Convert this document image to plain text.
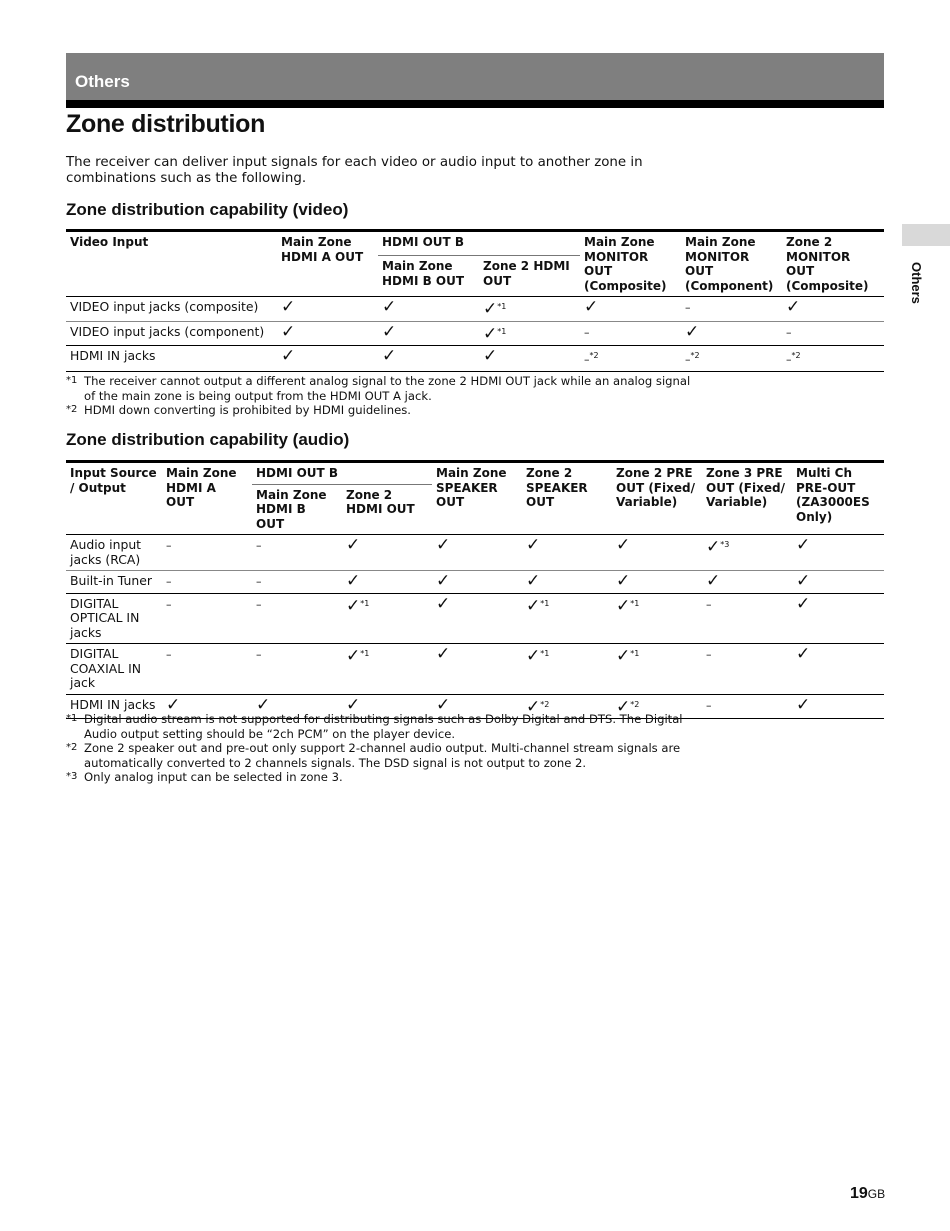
Others
Zone distribution

The receiver can deliver input signals for each video or audio input to another zone in combinations such as the following.

Others
Zone distribution capability (video)
Video Input	Main Zone HDMI A OUT	HDMI OUT B		Main Zone MONITOR OUT (Composite)	Main Zone MONITOR OUT (Component)	Zone 2 MONITOR OUT (Composite)
		Main Zone HDMI B OUT	Zone 2 HDMI OUT			
VIDEO input jacks (composite)	✓	✓	✓$^{*1}$	✓	–	✓
VIDEO input jacks (component)	✓	✓	✓$^{*1}$	–	✓	–
HDMI IN jacks	✓	✓	✓	–$^{*2}$	–$^{*2}$	–$^{*2}$
*1 The receiver cannot output a different analog signal to the zone 2 HDMI OUT jack while an analog signal of the main zone is being output from the HDMI OUT A jack.
*2 HDMI down converting is prohibited by HDMI guidelines.
Zone distribution capability (audio)
Input Source / Output	Main Zone HDMI A OUT	HDMI OUT B		Main Zone SPEAKER OUT	Zone 2 SPEAKER OUT	Zone 2 PRE OUT (Fixed/ Variable)	Zone 3 PRE OUT (Fixed/ Variable)	Multi Ch PRE-OUT (ZA3000ES Only)
		Main Zone HDMI B OUT	Zone 2 HDMI OUT					
Audio input jacks (RCA)	–	–	✓	✓	✓	✓	✓$^{*3}$	✓
Built-in Tuner	–	–	✓	✓	✓	✓	✓	✓
DIGITAL OPTICAL IN jacks	–	–	✓$^{*1}$	✓	✓$^{*1}$	✓$^{*1}$	–	✓
DIGITAL COAXIAL IN jack	–	–	✓$^{*1}$	✓	✓$^{*1}$	✓$^{*1}$	–	✓
HDMI IN jacks	✓	✓	✓	✓	✓$^{*2}$	✓$^{*2}$	–	✓
*1 Digital audio stream is not supported for distributing signals such as Dolby Digital and DTS. The Digital Audio output setting should be “2ch PCM” on the player device.
*2 Zone 2 speaker out and pre-out only support 2-channel audio output. Multi-channel stream signals are automatically converted to 2 channels signals. The DSD signal is not output to zone 2.
*3 Only analog input can be selected in zone 3.
19GB
